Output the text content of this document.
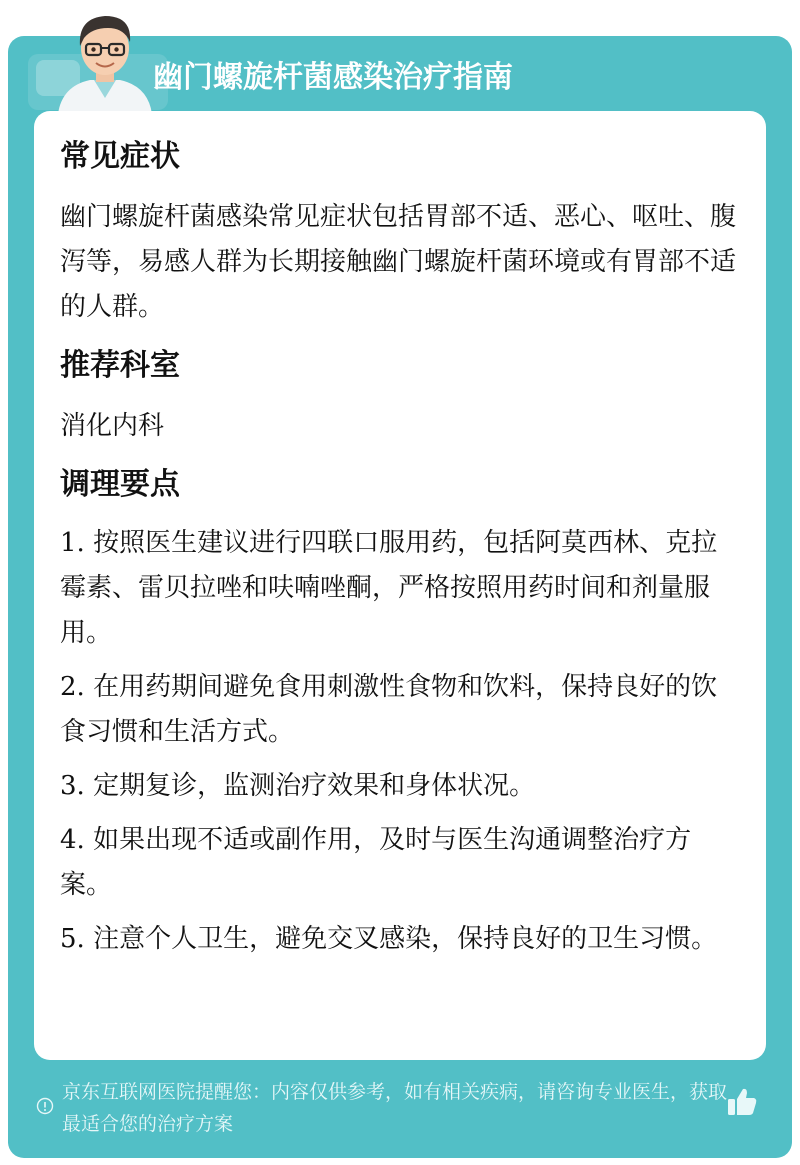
幽门螺旋杆菌感染治疗指南
常见症状

幽门螺旋杆菌感染常见症状包括胃部不适、恶心、呕吐、腹泻等，易感人群为长期接触幽门螺旋杆菌环境或有胃部不适的人群。

推荐科室

消化内科

调理要点

1. 按照医生建议进行四联口服用药，包括阿莫西林、克拉霉素、雷贝拉唑和呋喃唑酮，严格按照用药时间和剂量服用。

2. 在用药期间避免食用刺激性食物和饮料，保持良好的饮食习惯和生活方式。

3. 定期复诊，监测治疗效果和身体状况。

4. 如果出现不适或副作用，及时与医生沟通调整治疗方案。

5. 注意个人卫生，避免交叉感染，保持良好的卫生习惯。

京东互联网医院提醒您：内容仅供参考，如有相关疾病，请咨询专业医生，获取最适合您的治疗方案
